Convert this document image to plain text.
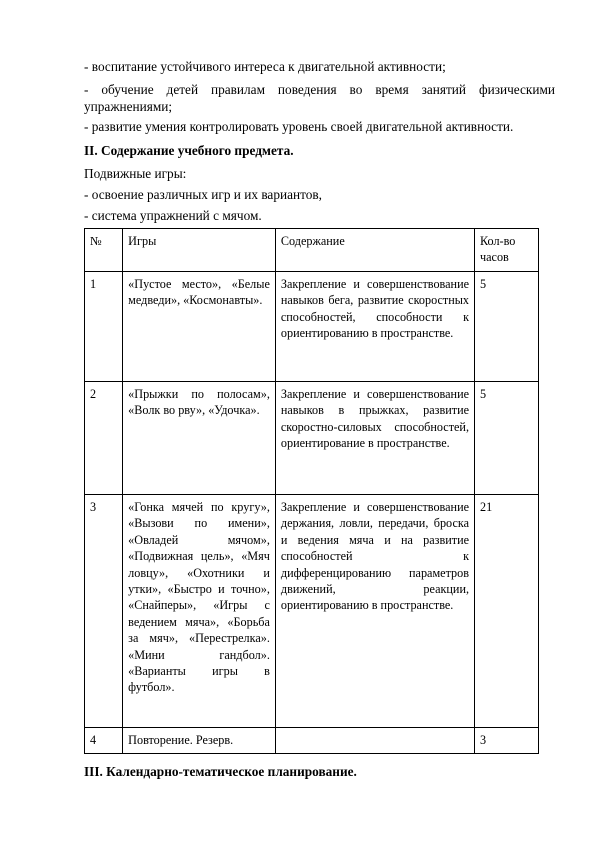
- воспитание устойчивого интереса к двигательной активности;
- обучение детей правилам поведения во время занятий физическими упражнениями;
- развитие умения контролировать уровень своей двигательной активности.
II. Содержание учебного предмета.
Подвижные игры:
- освоение различных игр и их вариантов,
- система упражнений с мячом.
№	Игры	Содержание	Кол-во часов
1	«Пустое место», «Белые медведи», «Космонавты».	Закрепление и совершенствование навыков бега, развитие скоростных способностей, способности к ориентированию в пространстве.	5
2	«Прыжки по полосам», «Волк во рву», «Удочка».	Закрепление и совершенствование навыков в прыжках, развитие скоростно-силовых способностей, ориентирование в пространстве.	5
3	«Гонка мячей по кругу», «Вызови по имени», «Овладей мячом», «Подвижная цель», «Мяч ловцу», «Охотники и утки», «Быстро и точно», «Снайперы», «Игры с ведением мяча», «Борьба за мяч», «Перестрелка». «Мини гандбол». «Варианты игры в футбол».	Закрепление и совершенствование держания, ловли, передачи, броска и ведения мяча и на развитие способностей к дифференцированию параметров движений, реакции, ориентированию в пространстве.	21
4	Повторение. Резерв.		3
III. Календарно-тематическое планирование.
